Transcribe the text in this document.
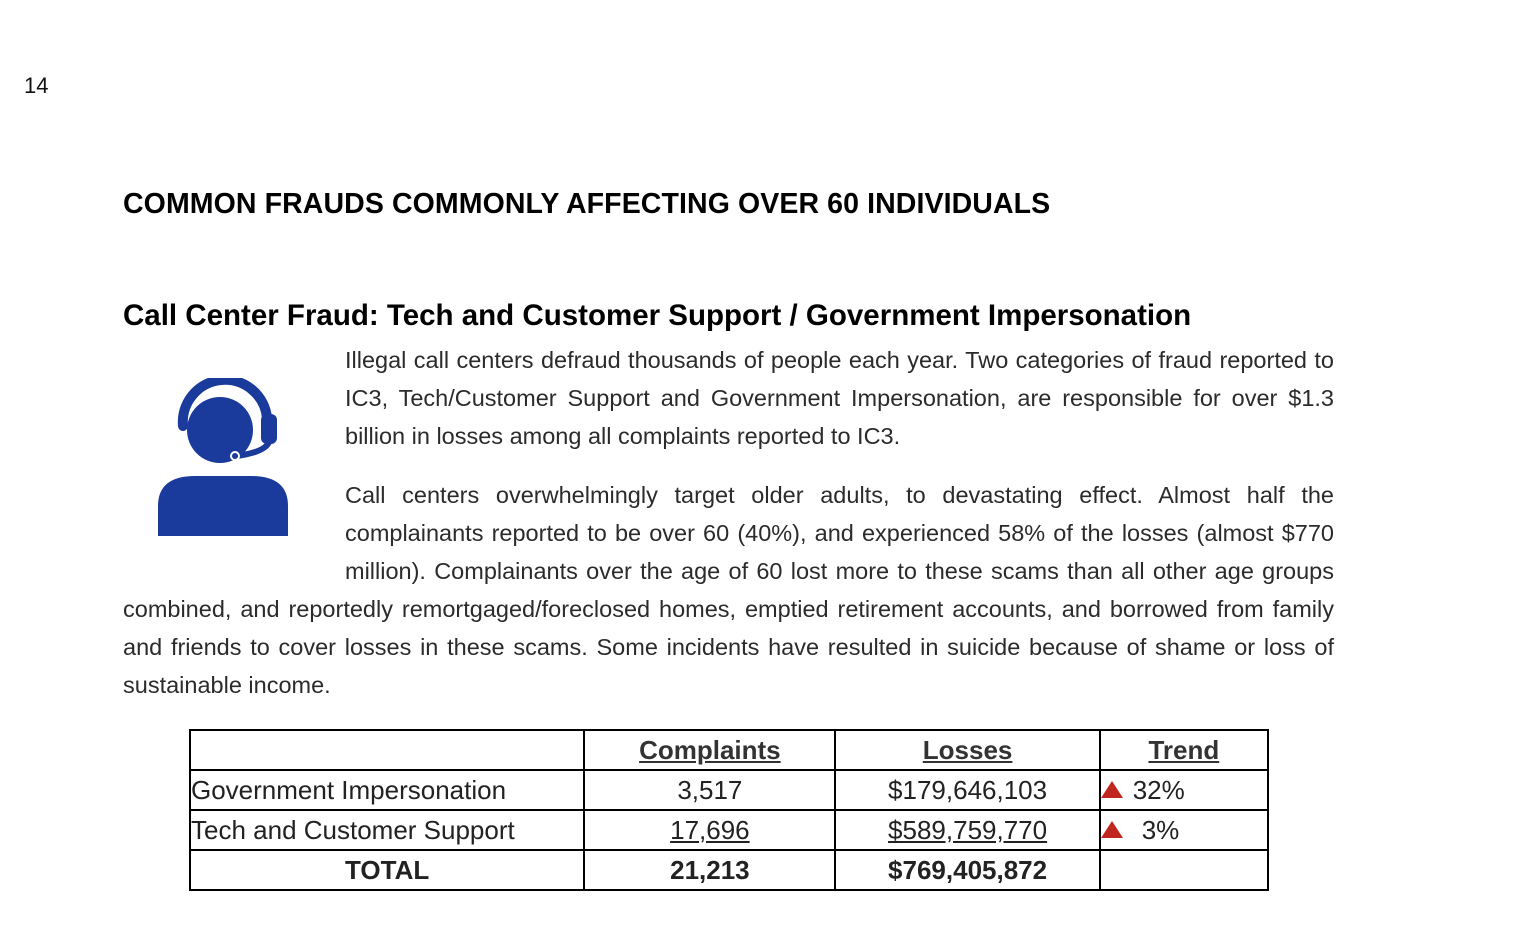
14
COMMON FRAUDS COMMONLY AFFECTING OVER 60 INDIVIDUALS
Call Center Fraud: Tech and Customer Support / Government Impersonation

Illegal call centers defraud thousands of people each year. Two categories of fraud reported to IC3, Tech/Customer Support and Government Impersonation, are responsible for over $1.3 billion in losses among all complaints reported to IC3.

Call centers overwhelmingly target older adults, to devastating effect. Almost half the complainants reported to be over 60 (40%), and experienced 58% of the losses (almost $770 million). Complainants over the age of 60 lost more to these scams than all other age groups combined, and reportedly remortgaged/foreclosed homes, emptied retirement accounts, and borrowed from family and friends to cover losses in these scams. Some incidents have resulted in suicide because of shame or loss of sustainable income.

	Complaints	Losses	Trend
Government Impersonation	3,517	$179,646,103	32%
Tech and Customer Support	17,696	$589,759,770	3%
TOTAL	21,213	$769,405,872	
